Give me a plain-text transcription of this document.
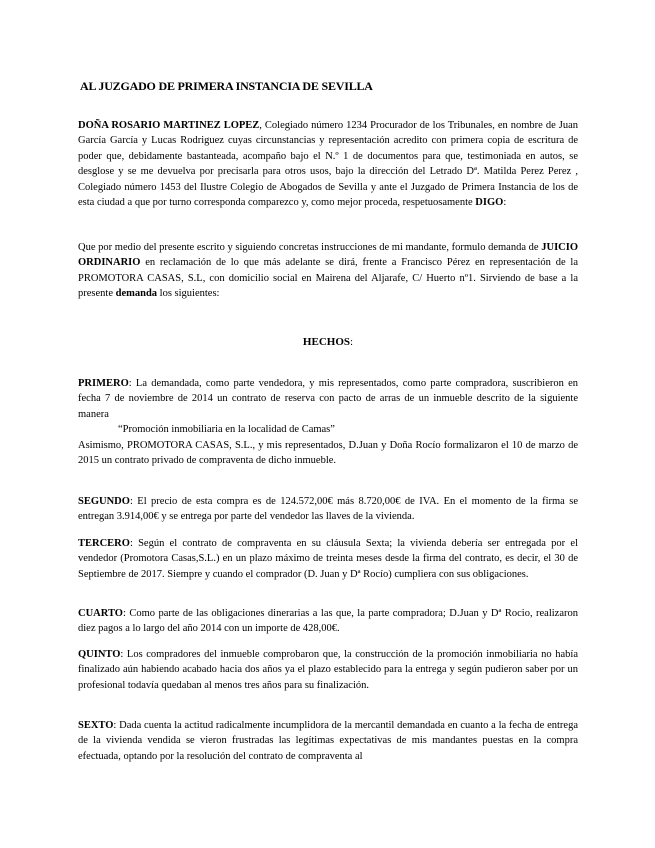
AL JUZGADO DE PRIMERA INSTANCIA DE SEVILLA
DOÑA ROSARIO MARTINEZ LOPEZ, Colegiado número 1234 Procurador de los Tribunales, en nombre de Juan García García y Lucas Rodriguez cuyas circunstancias y representación acredito con primera copia de escritura de poder que, debidamente bastanteada, acompaño bajo el N.º 1 de documentos para que, testimoniada en autos, se desglose y se me devuelva por precisarla para otros usos, bajo la dirección del Letrado Dª. Matilda Perez Perez , Colegiado número 1453 del Ilustre Colegio de Abogados de Sevilla y ante el Juzgado de Primera Instancia de los de esta ciudad a que por turno corresponda comparezco y, como mejor proceda, respetuosamente DIGO:
Que por medio del presente escrito y siguiendo concretas instrucciones de mi mandante, formulo demanda de JUICIO ORDINARIO en reclamación de lo que más adelante se dirá, frente a Francisco Pérez en representación de la PROMOTORA CASAS, S.L, con domicilio social en Mairena del Aljarafe, C/ Huerto nº1. Sirviendo de base a la presente demanda los siguientes:
HECHOS:
PRIMERO: La demandada, como parte vendedora, y mis representados, como parte compradora, suscribieron en fecha 7 de noviembre de 2014 un contrato de reserva con pacto de arras de un inmueble descrito de la siguiente manera
“Promoción inmobiliaria en la localidad de Camas”
Asimismo, PROMOTORA CASAS, S.L., y mis representados, D.Juan y Doña Rocío formalizaron el 10 de marzo de 2015 un contrato privado de compraventa de dicho inmueble.
SEGUNDO: El precio de esta compra es de 124.572,00€ más 8.720,00€ de IVA. En el momento de la firma se entregan 3.914,00€ y se entrega por parte del vendedor las llaves de la vivienda.
TERCERO: Según el contrato de compraventa en su cláusula Sexta; la vivienda debería ser entregada por el vendedor (Promotora Casas,S.L.) en un plazo máximo de treinta meses desde la firma del contrato, es decir, el 30 de Septiembre de 2017. Siempre y cuando el comprador (D. Juan y Dª Rocío) cumpliera con sus obligaciones.
CUARTO: Como parte de las obligaciones dinerarias a las que, la parte compradora; D.Juan y Dª Rocio, realizaron diez pagos a lo largo del año 2014 con un importe de 428,00€.
QUINTO: Los compradores del inmueble comprobaron que, la construcción de la promoción inmobiliaria no había finalizado aún habiendo acabado hacia dos años ya el plazo establecido para la entrega y según pudieron saber por un profesional todavía quedaban al menos tres años para su finalización.
SEXTO: Dada cuenta la actitud radicalmente incumplidora de la mercantil demandada en cuanto a la fecha de entrega de la vivienda vendida se vieron frustradas las legítimas expectativas de mis mandantes puestas en la compra efectuada, optando por la resolución del contrato de compraventa al
